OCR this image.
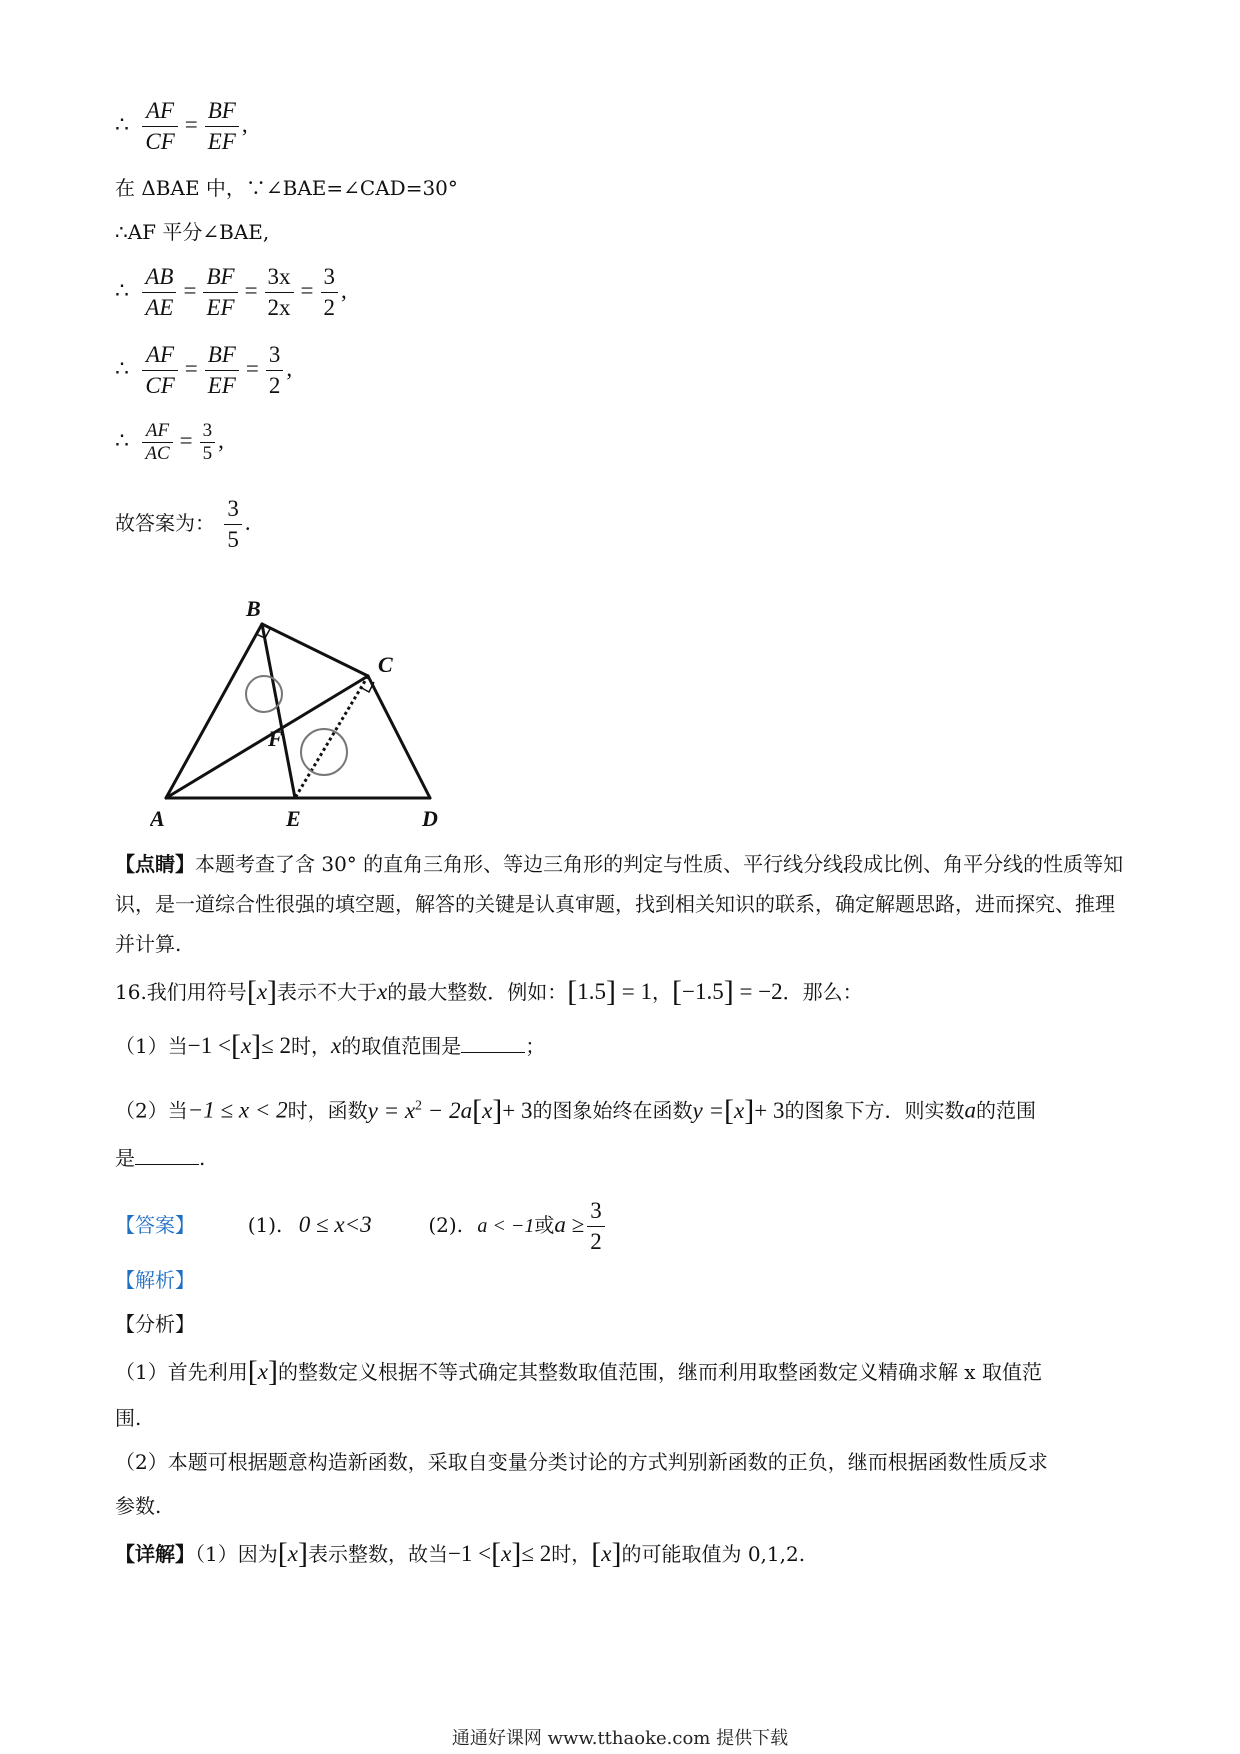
∴ $\frac{AF}{CF} = \frac{BF}{EF}$ ,
在 ΔBAE 中，∵∠BAE=∠CAD=30°
∴AF 平分∠BAE,
∴ $\frac{AB}{AE} = \frac{BF}{EF} = \frac{3x}{2x} = \frac{3}{2}$ ,
∴ $\frac{AF}{CF} = \frac{BF}{EF} = \frac{3}{2}$ ,
∴ $\frac{AF}{AC} = \frac{3}{5}$ ,
故答案为： $\frac{3}{5}$ .
B
C
F
A	E	D
【点睛】本题考查了含 30° 的直角三角形、等边三角形的判定与性质、平行线分线段成比例、角平分线的性质等知识，是一道综合性很强的填空题，解答的关键是认真审题，找到相关知识的联系，确定解题思路，进而探究、推理并计算.
16.我们用符号[x]表示不大于x的最大整数．例如：[1.5] = 1，[−1.5] = −2．那么：
（1）当−1 <[x]≤ 2时，x的取值范围是	；
（2）当−1 ≤ x < 2时，函数$y = x^2 - 2a[x]+ 3$的图象始终在函数y =[x]+ 3的图象下方．则实数a的范围
是	.
【答案】	(1). 0 ≤ x<3	(2). a < −1或$a \ge \frac{3}{2}$
【解析】
【分析】
（1）首先利用[x]的整数定义根据不等式确定其整数取值范围，继而利用取整函数定义精确求解 x 取值范
围.
（2）本题可根据题意构造新函数，采取自变量分类讨论的方式判别新函数的正负，继而根据函数性质反求
参数.
【详解】（1）因为[x]表示整数，故当−1 <[x]≤ 2时，[x]的可能取值为 0,1,2.
通通好课网 www.tthaoke.com 提供下载
